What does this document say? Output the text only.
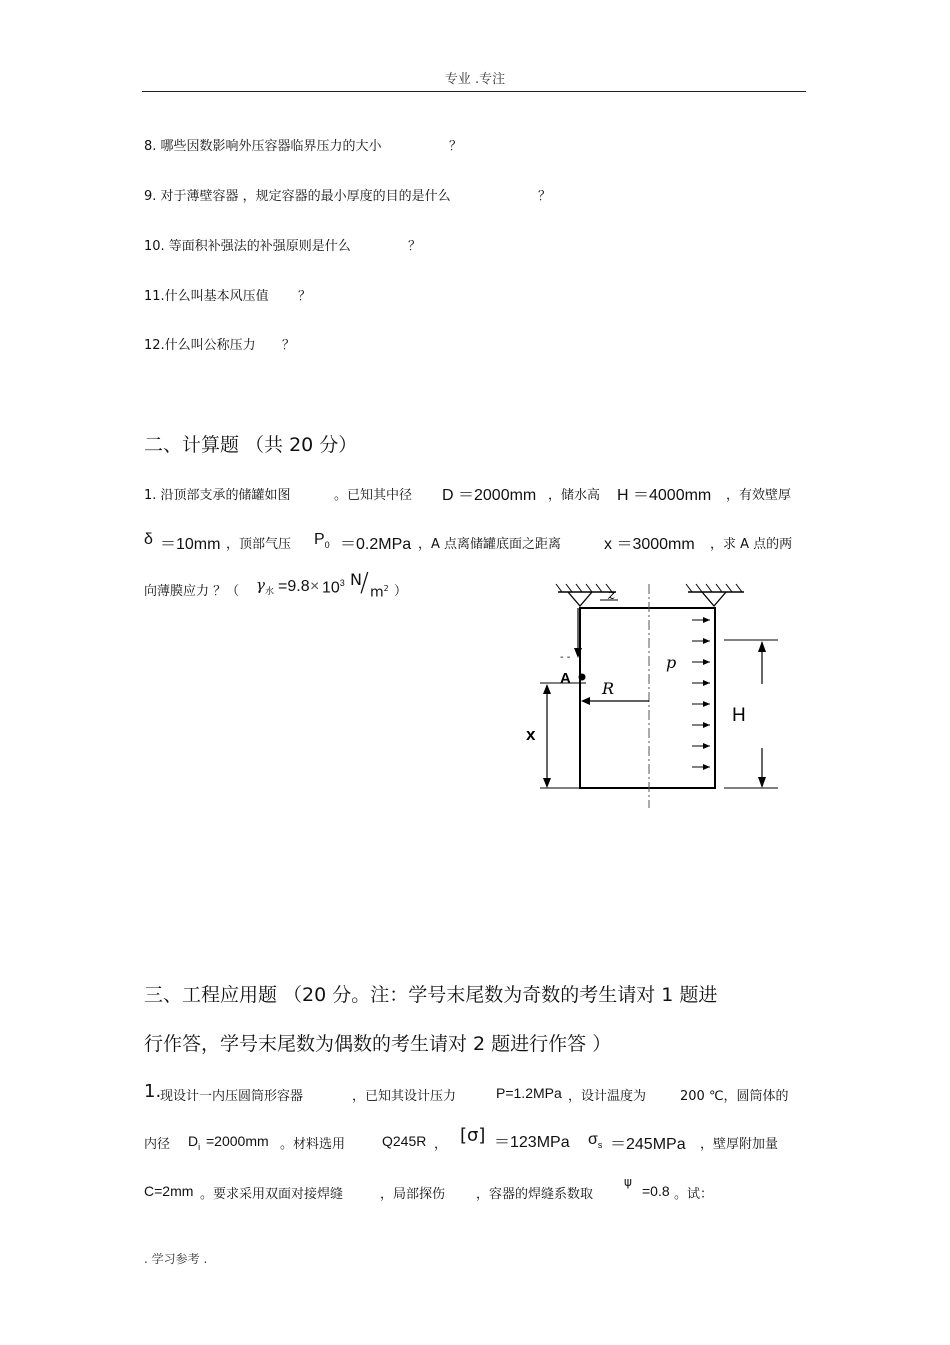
专业 .专注
8. 哪些因数影响外压容器临界压力的大小	？
9. 对于薄壁容器 ，规定容器的最小厚度的目的是什么	？
10. 等面积补强法的补强原则是什么	？
11.什么叫基本风压值 ？
12.什么叫公称压力 ？
二、计算题 （共 20 分）
1. 沿顶部支承的储罐如图	。已知其中径 D ＝2000mm ，储水高 H ＝4000mm ，有效壁厚
δ ＝10mm ，顶部气压 $P_0 =0.2MPa$ ，A 点离储罐底面之距离	x ＝3000mm ，求 A 点的两
向薄膜应力 ？（ $\gamma_水 =9.8 \times 10^3$ N
∕ $m^2$ ）	z
- -
A
R
p
x
H
三、工程应用题 （20 分。注：学号末尾数为奇数的考生请对 1 题进
行作答，学号末尾数为偶数的考生请对 2 题进行作答 ）
1.
现设计一内压圆筒形容器	，已知其设计压力	P=1.2MPa ，设计温度为	200 ℃，圆筒体的
内径 $D_i =2000mm$ 。材料选用	Q245R ， [σ] ＝123MPa $\sigma_s =245MPa$ ，壁厚附加量
C=2mm 。要求采用双面对接焊缝	，局部探伤 ，容器的焊缝系数取
ψ
=0.8 。试：
. 学习参考 .
